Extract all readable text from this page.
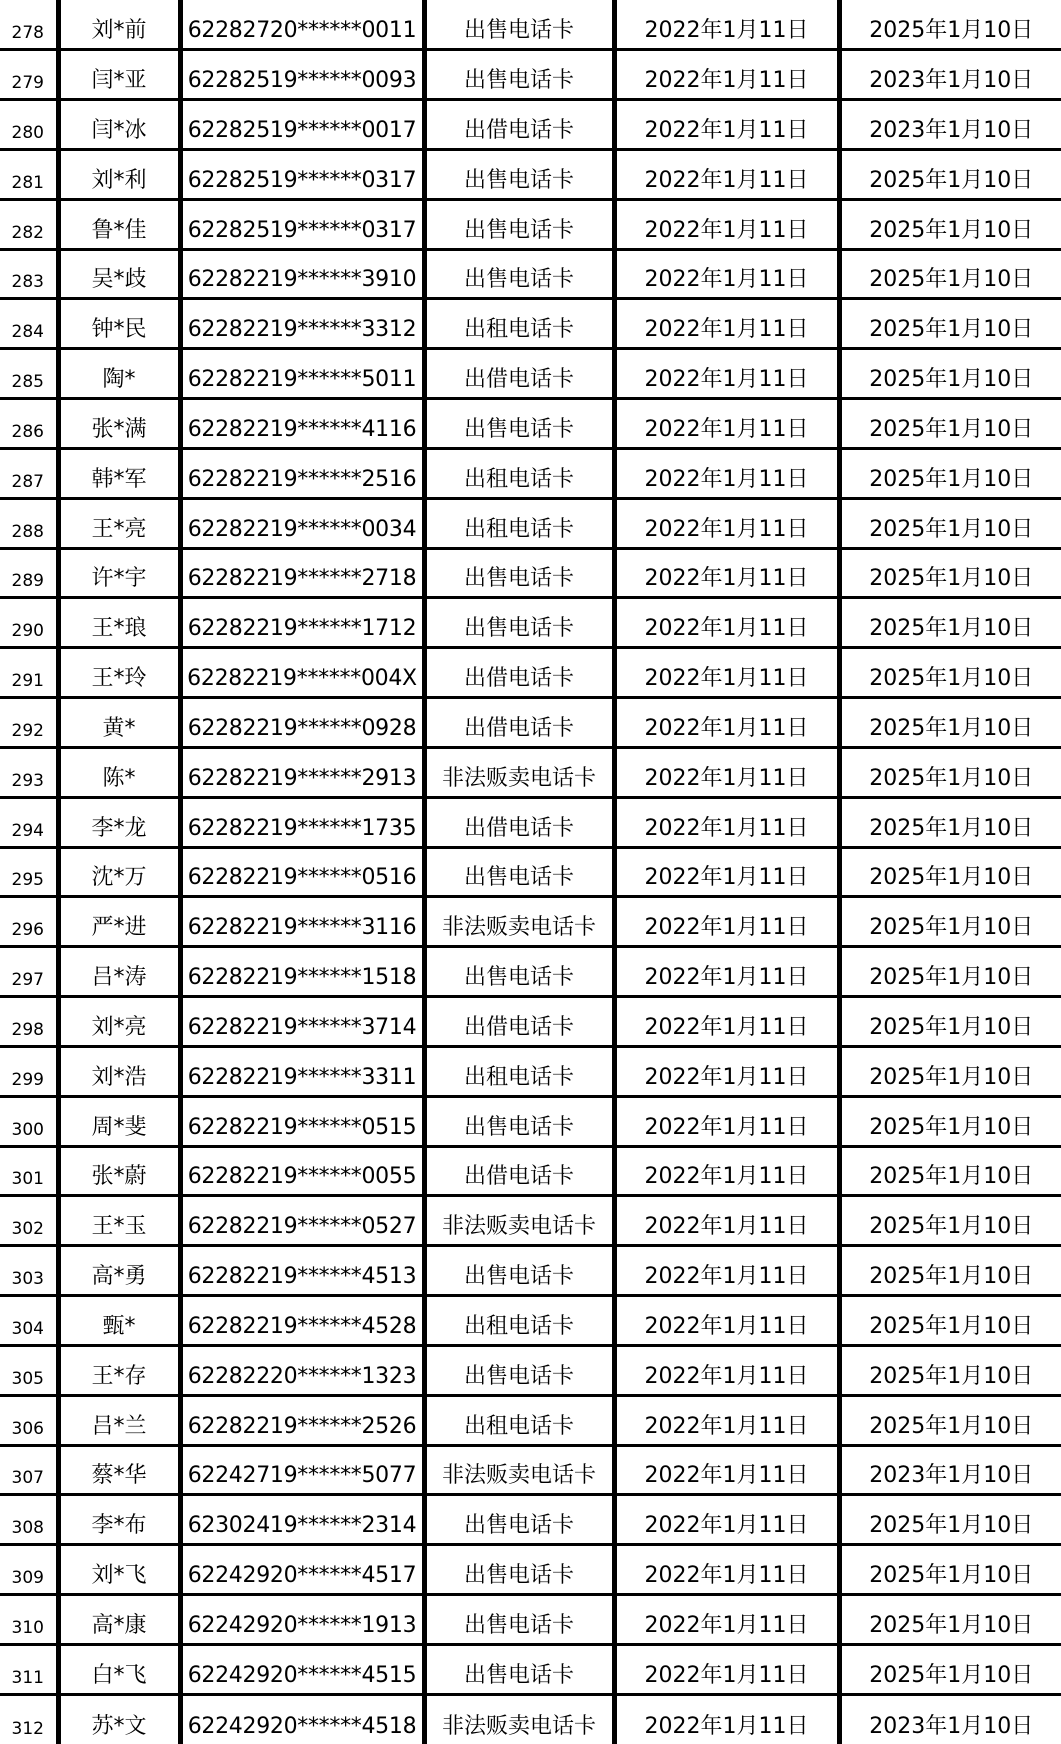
278	刘*前	62282720******0011	出售电话卡	2022年1月11日	2025年1月10日
279	闫*亚	62282519******0093	出售电话卡	2022年1月11日	2023年1月10日
280	闫*冰	62282519******0017	出借电话卡	2022年1月11日	2023年1月10日
281	刘*利	62282519******0317	出售电话卡	2022年1月11日	2025年1月10日
282	鲁*佳	62282519******0317	出售电话卡	2022年1月11日	2025年1月10日
283	吴*歧	62282219******3910	出售电话卡	2022年1月11日	2025年1月10日
284	钟*民	62282219******3312	出租电话卡	2022年1月11日	2025年1月10日
285	陶*	62282219******5011	出借电话卡	2022年1月11日	2025年1月10日
286	张*满	62282219******4116	出售电话卡	2022年1月11日	2025年1月10日
287	韩*军	62282219******2516	出租电话卡	2022年1月11日	2025年1月10日
288	王*亮	62282219******0034	出租电话卡	2022年1月11日	2025年1月10日
289	许*宇	62282219******2718	出售电话卡	2022年1月11日	2025年1月10日
290	王*琅	62282219******1712	出售电话卡	2022年1月11日	2025年1月10日
291	王*玲	62282219******004X	出借电话卡	2022年1月11日	2025年1月10日
292	黄*	62282219******0928	出借电话卡	2022年1月11日	2025年1月10日
293	陈*	62282219******2913	非法贩卖电话卡	2022年1月11日	2025年1月10日
294	李*龙	62282219******1735	出借电话卡	2022年1月11日	2025年1月10日
295	沈*万	62282219******0516	出售电话卡	2022年1月11日	2025年1月10日
296	严*进	62282219******3116	非法贩卖电话卡	2022年1月11日	2025年1月10日
297	吕*涛	62282219******1518	出售电话卡	2022年1月11日	2025年1月10日
298	刘*亮	62282219******3714	出借电话卡	2022年1月11日	2025年1月10日
299	刘*浩	62282219******3311	出租电话卡	2022年1月11日	2025年1月10日
300	周*斐	62282219******0515	出售电话卡	2022年1月11日	2025年1月10日
301	张*蔚	62282219******0055	出借电话卡	2022年1月11日	2025年1月10日
302	王*玉	62282219******0527	非法贩卖电话卡	2022年1月11日	2025年1月10日
303	高*勇	62282219******4513	出售电话卡	2022年1月11日	2025年1月10日
304	甄*	62282219******4528	出租电话卡	2022年1月11日	2025年1月10日
305	王*存	62282220******1323	出售电话卡	2022年1月11日	2025年1月10日
306	吕*兰	62282219******2526	出租电话卡	2022年1月11日	2025年1月10日
307	蔡*华	62242719******5077	非法贩卖电话卡	2022年1月11日	2023年1月10日
308	李*布	62302419******2314	出售电话卡	2022年1月11日	2025年1月10日
309	刘*飞	62242920******4517	出售电话卡	2022年1月11日	2025年1月10日
310	高*康	62242920******1913	出售电话卡	2022年1月11日	2025年1月10日
311	白*飞	62242920******4515	出售电话卡	2022年1月11日	2025年1月10日
312	苏*文	62242920******4518	非法贩卖电话卡	2022年1月11日	2023年1月10日
